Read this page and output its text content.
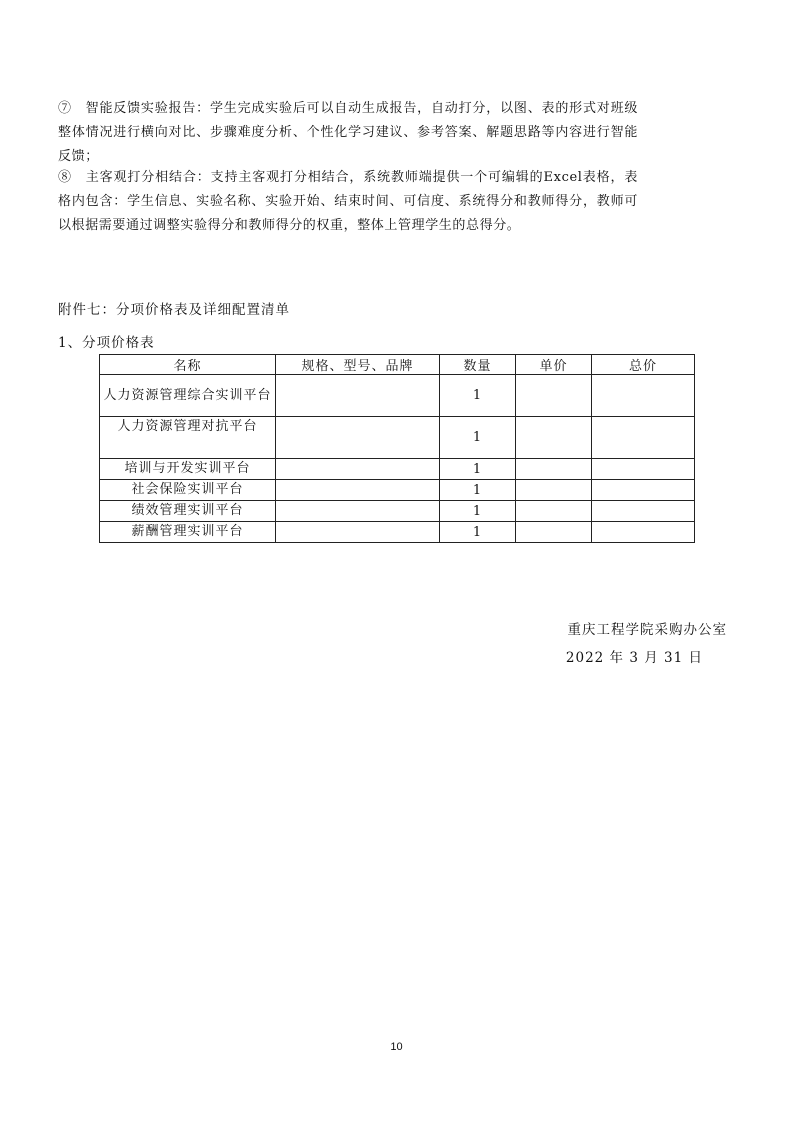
⑦　智能反馈实验报告：学生完成实验后可以自动生成报告，自动打分，以图、表的形式对班级整体情况进行横向对比、步骤难度分析、个性化学习建议、参考答案、解题思路等内容进行智能反馈；

⑧　主客观打分相结合：支持主客观打分相结合，系统教师端提供一个可编辑的Excel表格，表格内包含：学生信息、实验名称、实验开始、结束时间、可信度、系统得分和教师得分，教师可以根据需要通过调整实验得分和教师得分的权重，整体上管理学生的总得分。

附件七：分项价格表及详细配置清单

1、分项价格表

名称	规格、型号、品牌	数量	单价	总价
人力资源管理综合实训平台		1		
人力资源管理对抗平台		1		
培训与开发实训平台		1		
社会保险实训平台		1		
绩效管理实训平台		1		
薪酬管理实训平台		1		

重庆工程学院采购办公室

2022 年 3 月 31 日

10
